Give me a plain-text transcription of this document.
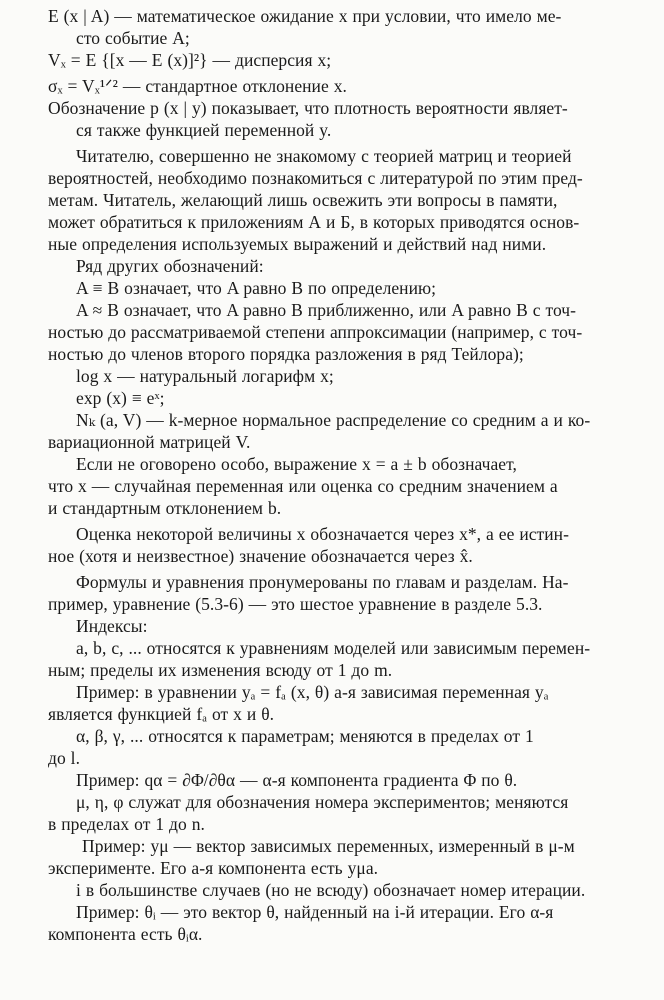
E (x | A) — математическое ожидание x при условии, что имело ме-
сто событие A;
Vₓ = E {[x — E (x)]²} — дисперсия x;
σₓ = Vₓ¹ᐟ² — стандартное отклонение x.
Обозначение p (x | y) показывает, что плотность вероятности являет-
ся также функцией переменной y.
Читателю, совершенно не знакомому с теорией матриц и теорией
вероятностей, необходимо познакомиться с литературой по этим пред-
метам. Читатель, желающий лишь освежить эти вопросы в памяти,
может обратиться к приложениям А и Б, в которых приводятся основ-
ные определения используемых выражений и действий над ними.
Ряд других обозначений:
A ≡ B означает, что A равно B по определению;
A ≈ B означает, что A равно B приближенно, или A равно B с точ-
ностью до рассматриваемой степени аппроксимации (например, с точ-
ностью до членов второго порядка разложения в ряд Тейлора);
log x — натуральный логарифм x;
exp (x) ≡ eˣ;
Nₖ (a, V) — k-мерное нормальное распределение со средним a и ко-
вариационной матрицей V.
Если не оговорено особо, выражение x = a ± b обозначает,
что x — случайная переменная или оценка со средним значением a
и стандартным отклонением b.
Оценка некоторой величины x обозначается через x*, а ее истин-
ное (хотя и неизвестное) значение обозначается через x̂.
Формулы и уравнения пронумерованы по главам и разделам. На-
пример, уравнение (5.3-6) — это шестое уравнение в разделе 5.3.
Индексы:
a, b, c, ... относятся к уравнениям моделей или зависимым перемен-
ным; пределы их изменения всюду от 1 до m.
Пример: в уравнении yₐ = fₐ (x, θ) a-я зависимая переменная yₐ
является функцией fₐ от x и θ.
α, β, γ, ... относятся к параметрам; меняются в пределах от 1
до l.
Пример: qα = ∂Φ/∂θα — α-я компонента градиента Φ по θ.
μ, η, φ служат для обозначения номера экспериментов; меняются
в пределах от 1 до n.
Пример: yμ — вектор зависимых переменных, измеренный в μ-м
эксперименте. Его a-я компонента есть yμa.
i в большинстве случаев (но не всюду) обозначает номер итерации.
Пример: θᵢ — это вектор θ, найденный на i-й итерации. Его α-я
компонента есть θᵢα.
